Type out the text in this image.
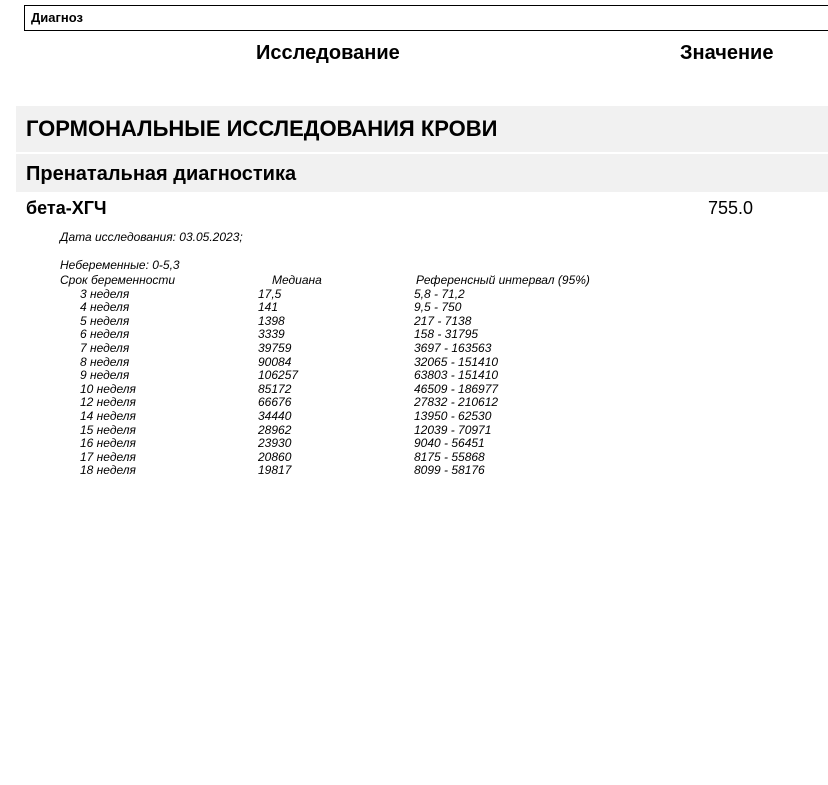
Диагноз
Исследование	Значение
ГОРМОНАЛЬНЫЕ ИССЛЕДОВАНИЯ КРОВИ
Пренатальная диагностика
бета-ХГЧ	755.0
Дата исследования: 03.05.2023;
Небеременные: 0-5,3
Срок беременности	Медиана	Референсный интервал (95%)
3 неделя	17,5	5,8 - 71,2
4 неделя	141	9,5 - 750
5 неделя	1398	217 - 7138
6 неделя	3339	158 - 31795
7 неделя	39759	3697 - 163563
8 неделя	90084	32065 - 151410
9 неделя	106257	63803 - 151410
10 неделя	85172	46509 - 186977
12 неделя	66676	27832 - 210612
14 неделя	34440	13950 - 62530
15 неделя	28962	12039 - 70971
16 неделя	23930	9040 - 56451
17 неделя	20860	8175 - 55868
18 неделя	19817	8099 - 58176
